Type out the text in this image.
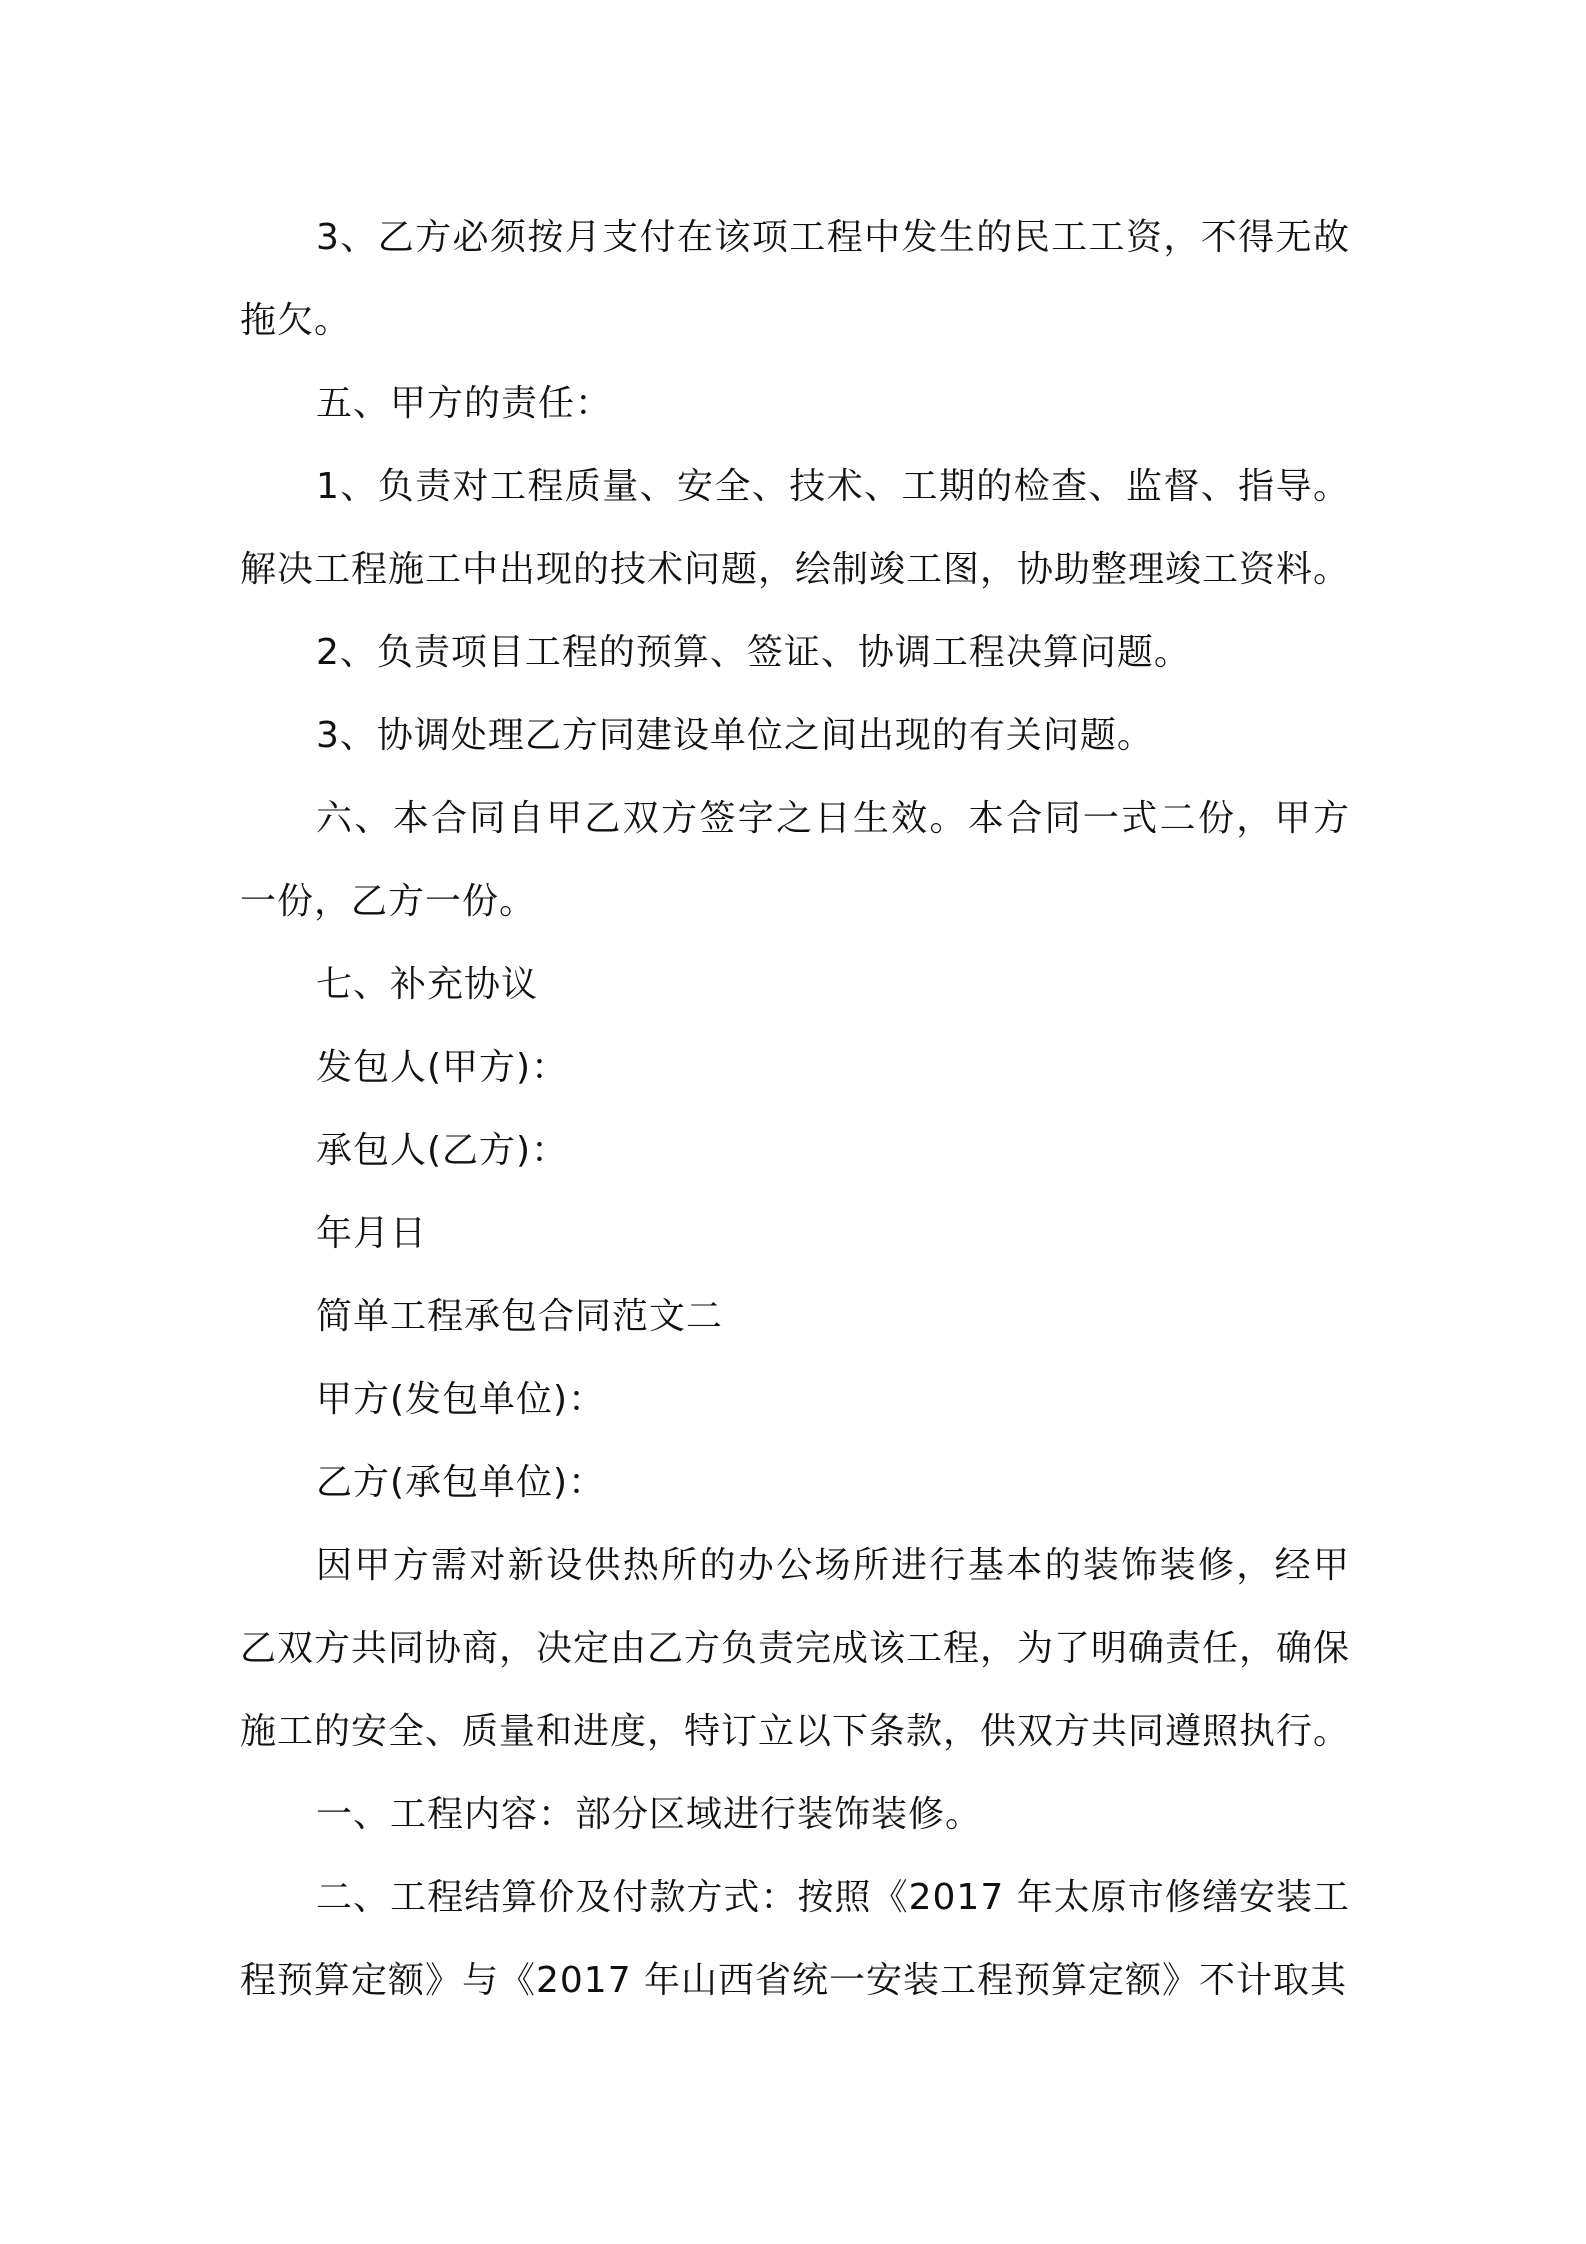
3、乙方必须按月支付在该项工程中发生的民工工资，不得无故拖欠。

五、甲方的责任：

1、负责对工程质量、安全、技术、工期的检查、监督、指导。解决工程施工中出现的技术问题，绘制竣工图，协助整理竣工资料。

2、负责项目工程的预算、签证、协调工程决算问题。

3、协调处理乙方同建设单位之间出现的有关问题。

六、本合同自甲乙双方签字之日生效。本合同一式二份，甲方一份，乙方一份。

七、补充协议

发包人(甲方)：

承包人(乙方)：

年月日

简单工程承包合同范文二

甲方(发包单位)：

乙方(承包单位)：

因甲方需对新设供热所的办公场所进行基本的装饰装修，经甲乙双方共同协商，决定由乙方负责完成该工程，为了明确责任，确保施工的安全、质量和进度，特订立以下条款，供双方共同遵照执行。

一、工程内容：部分区域进行装饰装修。

二、工程结算价及付款方式：按照《2017 年太原市修缮安装工程预算定额》与《2017 年山西省统一安装工程预算定额》不计取其
